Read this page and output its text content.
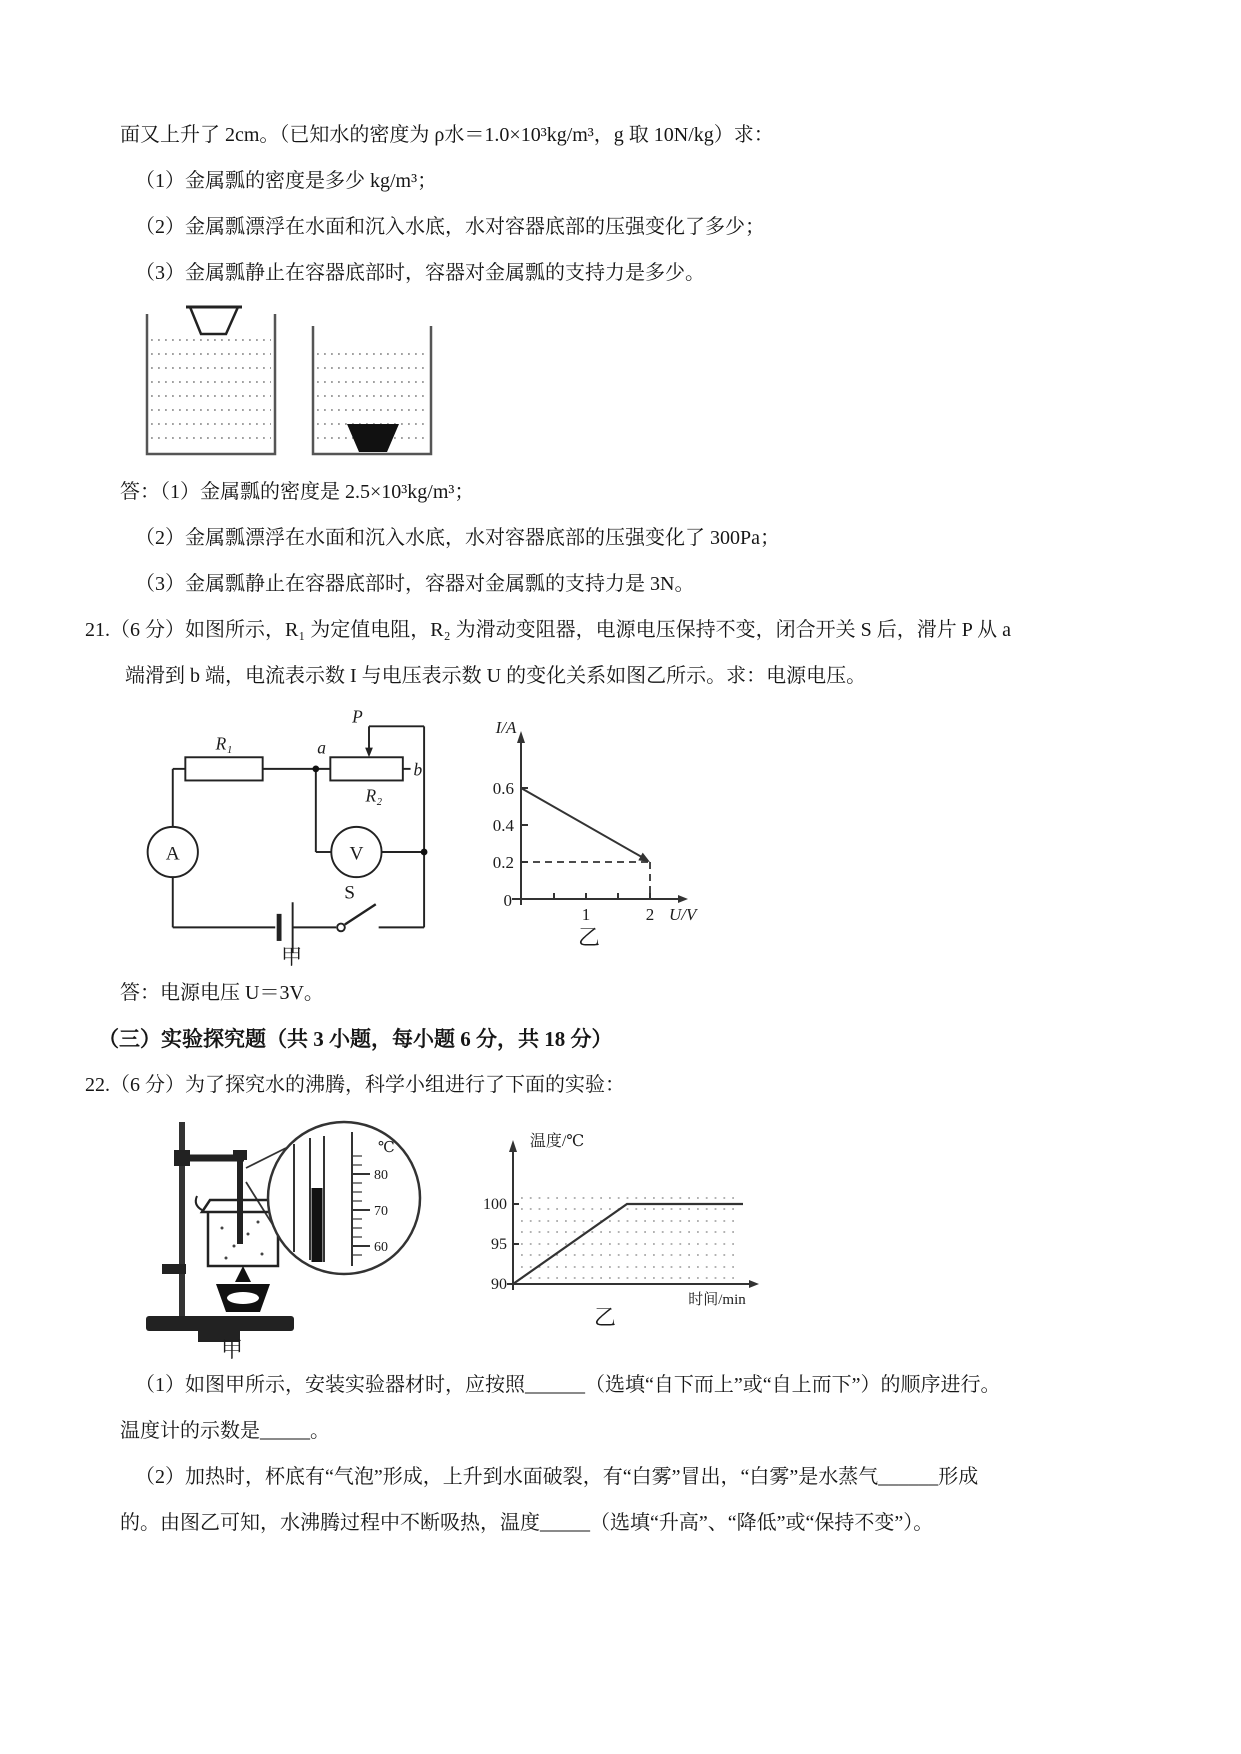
面又上升了 2cm。（已知水的密度为 ρ水＝1.0×10³kg/m³，g 取 10N/kg）求：
（1）金属瓢的密度是多少 kg/m³；
（2）金属瓢漂浮在水面和沉入水底，水对容器底部的压强变化了多少；
（3）金属瓢静止在容器底部时，容器对金属瓢的支持力是多少。
答：（1）金属瓢的密度是 2.5×10³kg/m³；
（2）金属瓢漂浮在水面和沉入水底，水对容器底部的压强变化了 300Pa；
（3）金属瓢静止在容器底部时，容器对金属瓢的支持力是 3N。
21.（6 分）如图所示，R₁ 为定值电阻，R₂ 为滑动变阻器，电源电压保持不变，闭合开关 S 后，滑片 P 从 a
端滑到 b 端，电流表示数 I 与电压表示数 U 的变化关系如图乙所示。求：电源电压。
R₁
R₂
a
b
P
A	V
S
甲
I/A
0.6
0.4
0.2
0
1	2 U/V
乙
答：电源电压 U＝3V。
（三）实验探究题（共 3 小题，每小题 6 分，共 18 分）
22.（6 分）为了探究水的沸腾，科学小组进行了下面的实验：
℃
80
70
60
甲
温度/℃
100
95
90
时间/min
乙
（1）如图甲所示，安装实验器材时，应按照______（选填“自下而上”或“自上而下”）的顺序进行。
温度计的示数是_____。
（2）加热时，杯底有“气泡”形成，上升到水面破裂，有“白雾”冒出，“白雾”是水蒸气______形成
的。由图乙可知，水沸腾过程中不断吸热，温度_____（选填“升高”、“降低”或“保持不变”）。
